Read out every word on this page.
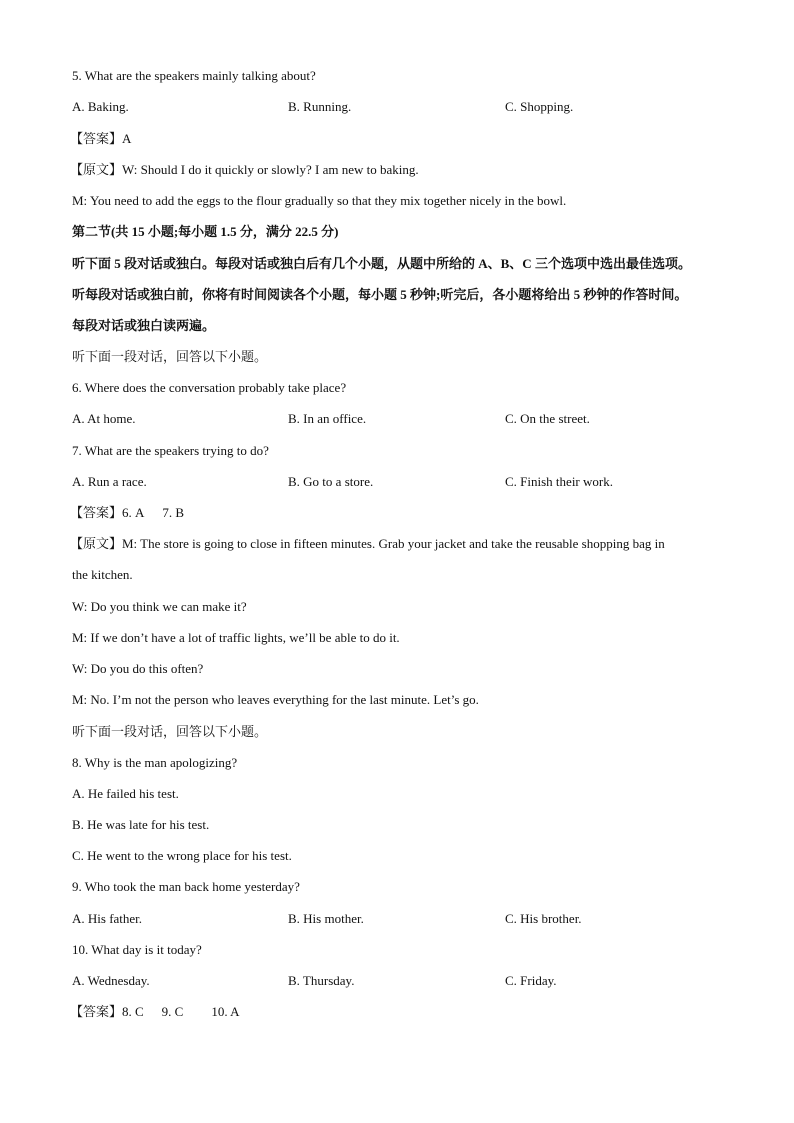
5. What are the speakers mainly talking about?
A. Baking.	B. Running.	C. Shopping.
【答案】A
【原文】W: Should I do it quickly or slowly? I am new to baking.
M: You need to add the eggs to the flour gradually so that they mix together nicely in the bowl.
第二节(共 15 小题;每小题 1.5 分，满分 22.5 分)
听下面 5 段对话或独白。每段对话或独白后有几个小题，从题中所给的 A、B、C 三个选项中选出最佳选项。
听每段对话或独白前，你将有时间阅读各个小题，每小题 5 秒钟;听完后，各小题将给出 5 秒钟的作答时间。
每段对话或独白读两遍。
听下面一段对话，回答以下小题。
6. Where does the conversation probably take place?
A. At home.	B. In an office.	C. On the street.
7. What are the speakers trying to do?
A. Run a race.	B. Go to a store.	C. Finish their work.
【答案】6. A 7. B
【原文】M: The store is going to close in fifteen minutes. Grab your jacket and take the reusable shopping bag in
the kitchen.
W: Do you think we can make it?
M: If we don’t have a lot of traffic lights, we’ll be able to do it.
W: Do you do this often?
M: No. I’m not the person who leaves everything for the last minute. Let’s go.
听下面一段对话，回答以下小题。
8. Why is the man apologizing?
A. He failed his test.
B. He was late for his test.
C. He went to the wrong place for his test.
9. Who took the man back home yesterday?
A. His father.	B. His mother.	C. His brother.
10. What day is it today?
A. Wednesday.	B. Thursday.	C. Friday.
【答案】8. C 9. C 10. A
